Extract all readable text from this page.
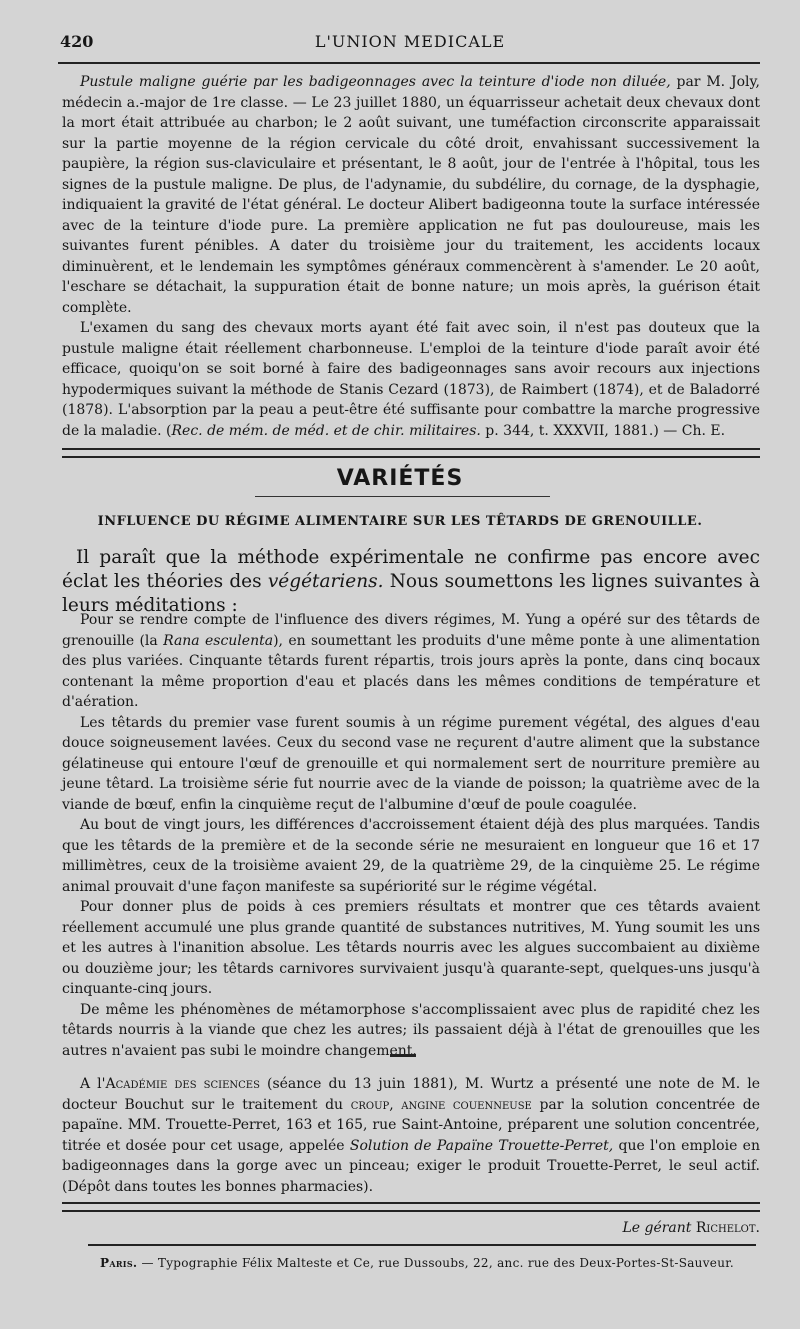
420	L'UNION MEDICALE

Pustule maligne guérie par les badigeonnages avec la teinture d'iode non diluée, par M. Joly, médecin a.-major de 1re classe. — Le 23 juillet 1880, un équarrisseur achetait deux chevaux dont la mort était attribuée au charbon; le 2 août suivant, une tuméfaction circonscrite apparaissait sur la partie moyenne de la région cervicale du côté droit, envahissant successivement la paupière, la région sus-claviculaire et présentant, le 8 août, jour de l'entrée à l'hôpital, tous les signes de la pustule maligne. De plus, de l'adynamie, du subdélire, du cornage, de la dysphagie, indiquaient la gravité de l'état général. Le docteur Alibert badigeonna toute la surface intéressée avec de la teinture d'iode pure. La première application ne fut pas douloureuse, mais les suivantes furent pénibles. A dater du troisième jour du traitement, les accidents locaux diminuèrent, et le lendemain les symptômes généraux commencèrent à s'amender. Le 20 août, l'eschare se détachait, la suppuration était de bonne nature; un mois après, la guérison était complète.

L'examen du sang des chevaux morts ayant été fait avec soin, il n'est pas douteux que la pustule maligne était réellement charbonneuse. L'emploi de la teinture d'iode paraît avoir été efficace, quoiqu'on se soit borné à faire des badigeonnages sans avoir recours aux injections hypodermiques suivant la méthode de Stanis Cezard (1873), de Raimbert (1874), et de Baladorré (1878). L'absorption par la peau a peut-être été suffisante pour combattre la marche progressive de la maladie. (Rec. de mém. de méd. et de chir. militaires. p. 344, t. XXXVII, 1881.) — Ch. E.

VARIÉTÉS
INFLUENCE DU RÉGIME ALIMENTAIRE SUR LES TÊTARDS DE GRENOUILLE.

Il paraît que la méthode expérimentale ne confirme pas encore avec éclat les théories des végétariens. Nous soumettons les lignes suivantes à leurs méditations :

Pour se rendre compte de l'influence des divers régimes, M. Yung a opéré sur des têtards de grenouille (la Rana esculenta), en soumettant les produits d'une même ponte à une alimentation des plus variées. Cinquante têtards furent répartis, trois jours après la ponte, dans cinq bocaux contenant la même proportion d'eau et placés dans les mêmes conditions de température et d'aération.

Les têtards du premier vase furent soumis à un régime purement végétal, des algues d'eau douce soigneusement lavées. Ceux du second vase ne reçurent d'autre aliment que la substance gélatineuse qui entoure l'œuf de grenouille et qui normalement sert de nourriture première au jeune têtard. La troisième série fut nourrie avec de la viande de poisson; la quatrième avec de la viande de bœuf, enfin la cinquième reçut de l'albumine d'œuf de poule coagulée.

Au bout de vingt jours, les différences d'accroissement étaient déjà des plus marquées. Tandis que les têtards de la première et de la seconde série ne mesuraient en longueur que 16 et 17 millimètres, ceux de la troisième avaient 29, de la quatrième 29, de la cinquième 25. Le régime animal prouvait d'une façon manifeste sa supériorité sur le régime végétal.

Pour donner plus de poids à ces premiers résultats et montrer que ces têtards avaient réellement accumulé une plus grande quantité de substances nutritives, M. Yung soumit les uns et les autres à l'inanition absolue. Les têtards nourris avec les algues succombaient au dixième ou douzième jour; les têtards carnivores survivaient jusqu'à quarante-sept, quelques-uns jusqu'à cinquante-cinq jours.

De même les phénomènes de métamorphose s'accomplissaient avec plus de rapidité chez les têtards nourris à la viande que chez les autres; ils passaient déjà à l'état de grenouilles que les autres n'avaient pas subi le moindre changement.

A l'Académie des sciences (séance du 13 juin 1881), M. Wurtz a présenté une note de M. le docteur Bouchut sur le traitement du croup, angine couenneuse par la solution concentrée de papaïne. MM. Trouette-Perret, 163 et 165, rue Saint-Antoine, préparent une solution concentrée, titrée et dosée pour cet usage, appelée Solution de Papaïne Trouette-Perret, que l'on emploie en badigeonnages dans la gorge avec un pinceau; exiger le produit Trouette-Perret, le seul actif. (Dépôt dans toutes les bonnes pharmacies).

Le gérant Richelot.
Paris. — Typographie Félix Malteste et Ce, rue Dussoubs, 22, anc. rue des Deux-Portes-St-Sauveur.
